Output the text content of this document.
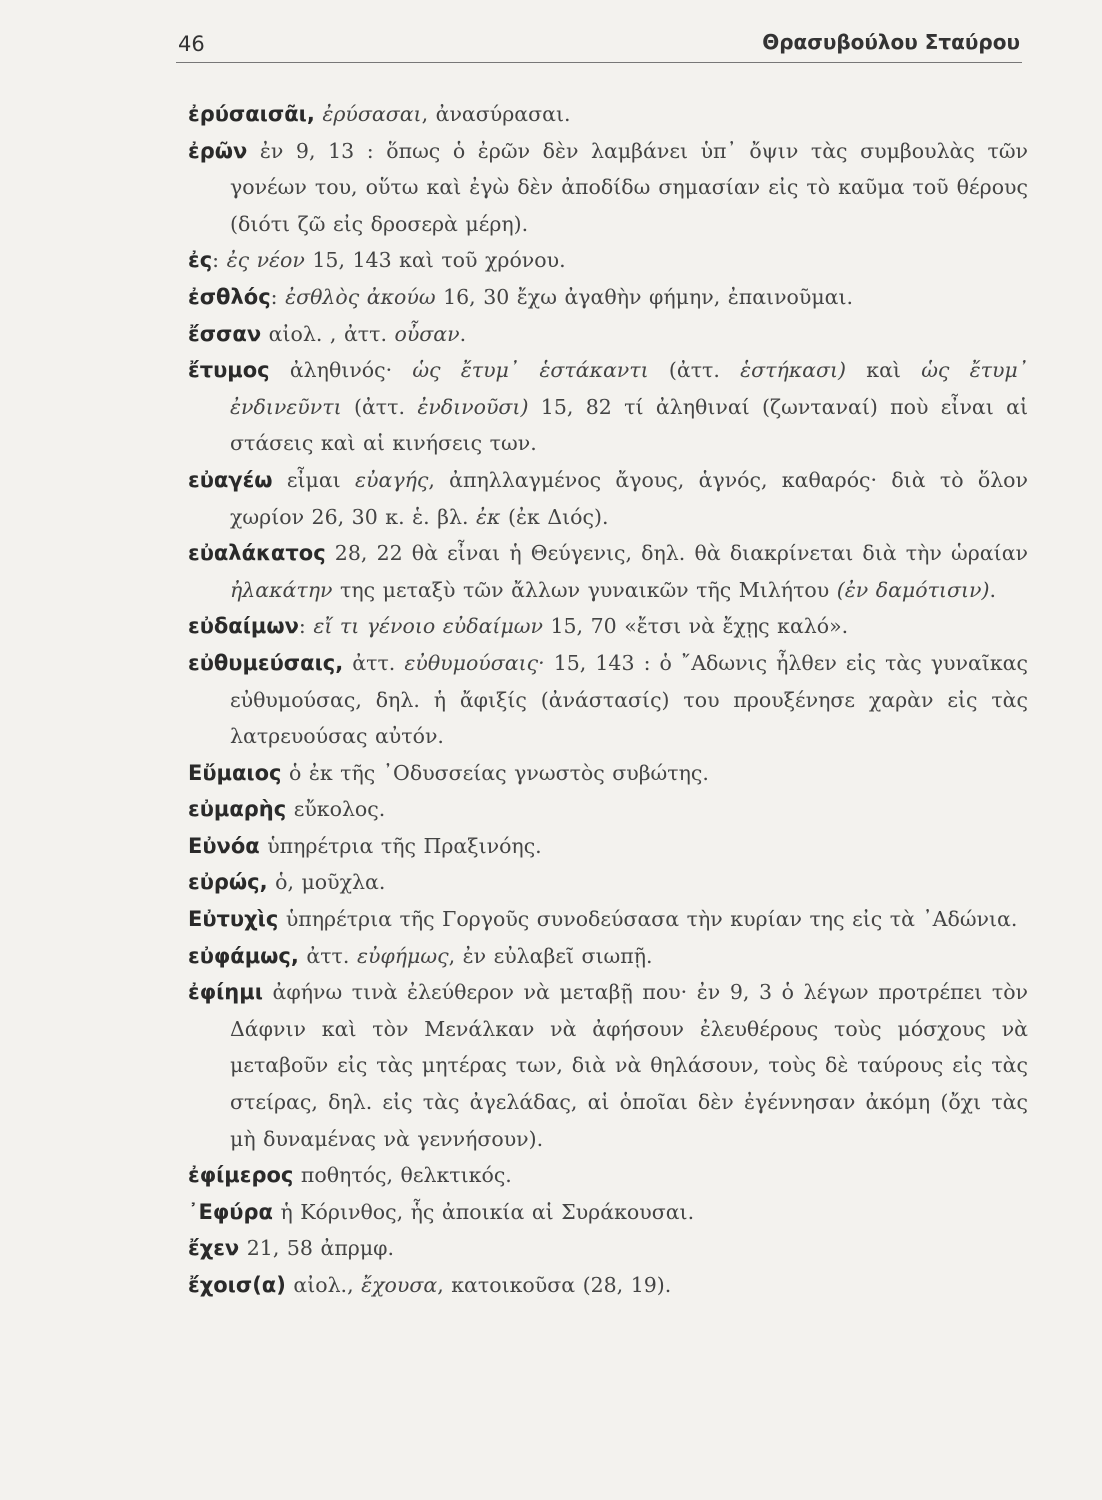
46	Θρασυβούλου Σταύρου

ἐρύσαισᾶι, ἐρύσασαι, ἀνασύρασαι.

ἐρῶν ἐν 9, 13 : ὅπως ὁ ἐρῶν δὲν λαμβάνει ὑπ᾿ ὄψιν τὰς συμβουλὰς τῶν γονέων του, οὕτω καὶ ἐγὼ δὲν ἀποδίδω σημασίαν εἰς τὸ καῦμα τοῦ θέρους (διότι ζῶ εἰς δροσερὰ μέρη).

ἐς: ἐς νέον 15, 143 καὶ τοῦ χρόνου.

ἐσθλός: ἐσθλὸς ἀκούω 16, 30 ἔχω ἀγαθὴν φήμην, ἐπαινοῦμαι.

ἔσσαν αἰολ. , ἀττ. οὖσαν.

ἔτυμος ἀληθινός· ὡς ἔτυμ᾿ ἑστάκαντι (ἀττ. ἑστήκασι) καὶ ὡς ἔτυμ᾿ ἐνδινεῦντι (ἀττ. ἐνδινοῦσι) 15, 82 τί ἀληθιναί (ζωνταναί) ποὺ εἶναι αἱ στάσεις καὶ αἱ κινήσεις των.

εὐαγέω εἶμαι εὐαγής, ἀπηλλαγμένος ἄγους, ἁγνός, καθαρός· διὰ τὸ ὅλον χωρίον 26, 30 κ. ἑ. βλ. ἐκ (ἐκ Διός).

εὐαλάκατος 28, 22 θὰ εἶναι ἡ Θεύγενις, δηλ. θὰ διακρίνεται διὰ τὴν ὡραίαν ἠλακάτην της μεταξὺ τῶν ἄλλων γυναικῶν τῆς Μιλήτου (ἐν δαμότισιν).

εὐδαίμων: εἴ τι γένοιο εὐδαίμων 15, 70 «ἔτσι νὰ ἔχῃς καλό».

εὐθυμεύσαις, ἀττ. εὐθυμούσαις· 15, 143 : ὁ ῎Αδωνις ἦλθεν εἰς τὰς γυναῖκας εὐθυμούσας, δηλ. ἡ ἄφιξίς (ἀνάστασίς) του προυξένησε χαρὰν εἰς τὰς λατρευούσας αὐτόν.

Εὔμαιος ὁ ἐκ τῆς ᾿Οδυσσείας γνωστὸς συβώτης.

εὐμαρὴς εὔκολος.

Εὐνόα ὑπηρέτρια τῆς Πραξινόης.

εὐρώς, ὁ, μοῦχλα.

Εὐτυχὶς ὑπηρέτρια τῆς Γοργοῦς συνοδεύσασα τὴν κυρίαν της εἰς τὰ ᾿Αδώνια.

εὐφάμως, ἀττ. εὐφήμως, ἐν εὐλαβεῖ σιωπῇ.

ἐφίημι ἀφήνω τινὰ ἐλεύθερον νὰ μεταβῇ που· ἐν 9, 3 ὁ λέγων προτρέπει τὸν Δάφνιν καὶ τὸν Μενάλκαν νὰ ἀφήσουν ἐλευθέρους τοὺς μόσχους νὰ μεταβοῦν εἰς τὰς μητέρας των, διὰ νὰ θηλάσουν, τοὺς δὲ ταύρους εἰς τὰς στείρας, δηλ. εἰς τὰς ἀγελάδας, αἱ ὁποῖαι δὲν ἐγέννησαν ἀκόμη (ὄχι τὰς μὴ δυναμένας νὰ γεννήσουν).

ἐφίμερος ποθητός, θελκτικός.

᾿Εφύρα ἡ Κόρινθος, ἧς ἀποικία αἱ Συράκουσαι.

ἔχεν 21, 58 ἀπρμφ.

ἔχοισ(α) αἰολ., ἔχουσα, κατοικοῦσα (28, 19).
